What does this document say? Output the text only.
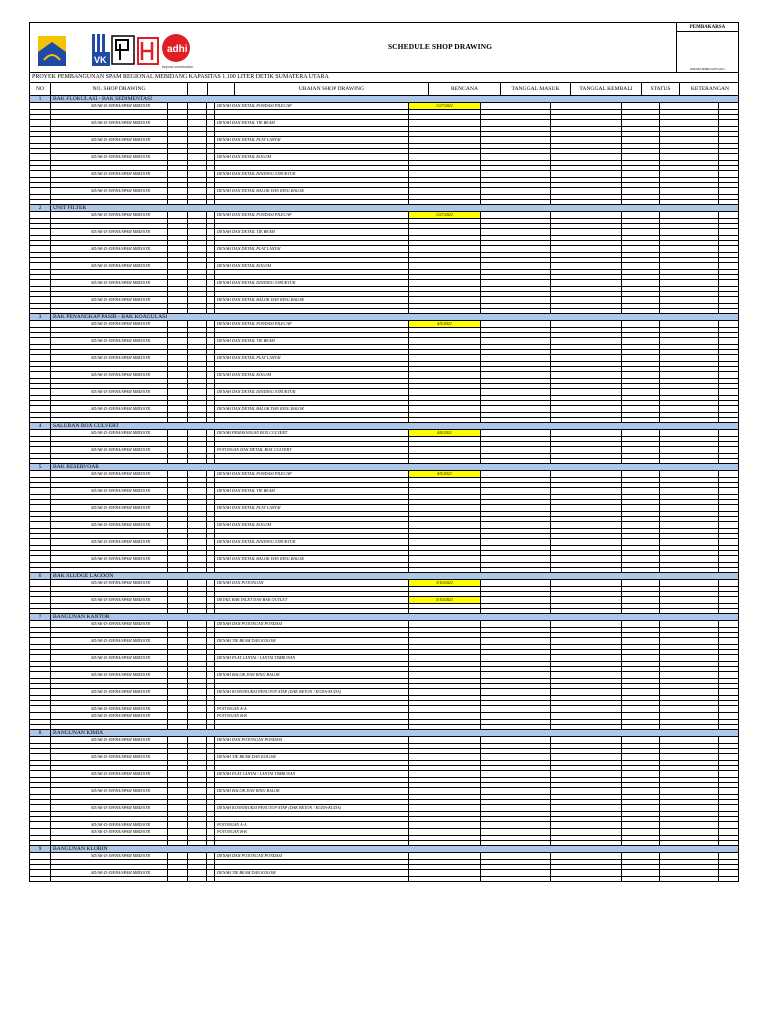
VK
adhi
beyond construction
SCHEDULE SHOP DRAWING
PEMBAKARSA
KNDMO MMKI 20/FV/2021
PROYEK PEMBANGUNAN SPAM REGIONAL MEBIDANG KAPASITAS 1.100 LITER DETIK SUMATERA UTARA
NO	NO. SHOP DRAWING	URAIAN SHOP DRAWING	RENCANA	TANGGAL MASUK	TANGGAL KEMBALI	STATUS	KETERANGAN
1	BAK FLOKULASI - BAK SEDIMENTASI
SD/AK-D-INFRA/SPAM MBD/STR	DENAH DAN DETAIL PONDASI PILECAP	1/27/2021
SD/AK-D-INFRA/SPAM MBD/STR	DENAH DAN DETAIL TIE BEAM
SD/AK-D-INFRA/SPAM MBD/STR	DENAH DAN DETAIL PLAT LANTAI
SD/AK-D-INFRA/SPAM MBD/STR	DENAH DAN DETAIL KOLOM
SD/AK-D-INFRA/SPAM MBD/STR	DENAH DAN DETAIL DINDING STRUKTUR
SD/AK-D-INFRA/SPAM MBD/STR	DENAH DAN DETAIL BALOK DAN RING BALOK
2	UNIT FILTER
SD/AK-D-INFRA/SPAM MBD/STR	DENAH DAN DETAIL PONDASI PILECAP	1/27/2021
SD/AK-D-INFRA/SPAM MBD/STR	DENAH DAN DETAIL TIE BEAM
SD/AK-D-INFRA/SPAM MBD/STR	DENAH DAN DETAIL PLAT LANTAI
SD/AK-D-INFRA/SPAM MBD/STR	DENAH DAN DETAIL KOLOM
SD/AK-D-INFRA/SPAM MBD/STR	DENAH DAN DETAIL DINDING STRUKTUR
SD/AK-D-INFRA/SPAM MBD/STR	DENAH DAN DETAIL BALOK DAN RING BALOK
3	BAK PENANGKAP PASIR - BAK KOAGULASI
SD/AK-D-INFRA/SPAM MBD/STR	DENAH DAN DETAIL PONDASI PILECAP	4/5/2021
SD/AK-D-INFRA/SPAM MBD/STR	DENAH DAN DETAIL TIE BEAM
SD/AK-D-INFRA/SPAM MBD/STR	DENAH DAN DETAIL PLAT LANTAI
SD/AK-D-INFRA/SPAM MBD/STR	DENAH DAN DETAIL KOLOM
SD/AK-D-INFRA/SPAM MBD/STR	DENAH DAN DETAIL DINDING STRUKTUR
SD/AK-D-INFRA/SPAM MBD/STR	DENAH DAN DETAIL BALOK DAN RING BALOK
4	SALURAN BOX CULVERT
SD/AK-D-INFRA/SPAM MBD/STR	DENAH PEMASANGAN BOX CULVERT	4/8/2021
SD/AK-D-INFRA/SPAM MBD/STR	POTONGAN DAN DETAIL BOX CULVERT
5	BAK RESERVOAR
SD/AK-D-INFRA/SPAM MBD/STR	DENAH DAN DETAIL PONDASI PILECAP	4/5/2021
SD/AK-D-INFRA/SPAM MBD/STR	DENAH DAN DETAIL TIE BEAM
SD/AK-D-INFRA/SPAM MBD/STR	DENAH DAN DETAIL PLAT LANTAI
SD/AK-D-INFRA/SPAM MBD/STR	DENAH DAN DETAIL KOLOM
SD/AK-D-INFRA/SPAM MBD/STR	DENAH DAN DETAIL DINDING STRUKTUR
SD/AK-D-INFRA/SPAM MBD/STR	DENAH DAN DETAIL BALOK DAN RING BALOK
6	BAK SLUDGE LAGOON
SD/AK-D-INFRA/SPAM MBD/STR	DENAH DAN POTONGAN	3/10/2021
SD/AK-D-INFRA/SPAM MBD/STR	DETAIL BAK INLET DAN BAK OUTLET	3/10/2021
7	BANGUNAN KANTOR
SD/AK-D-INFRA/SPAM MBD/STR	DENAH DAN POTONGAN PONDASI
SD/AK-D-INFRA/SPAM MBD/STR	DENAH TIE BEAM DAN KOLOM
SD/AK-D-INFRA/SPAM MBD/STR	DENAH PLAT LANTAI / LANTAI TIMBUNAN
SD/AK-D-INFRA/SPAM MBD/STR	DENAH BALOK DAN RING BALOK
SD/AK-D-INFRA/SPAM MBD/STR	DENAH KONSTRUKSI PENUTUP ATAP (DAK BETON / KUDA-KUDA)
SD/AK-D-INFRA/SPAM MBD/STR	POTONGAN A-A
SD/AK-D-INFRA/SPAM MBD/STR	POTONGAN B-B
8	BANGUNAN KIMIA
SD/AK-D-INFRA/SPAM MBD/STR	DENAH DAN POTONGAN PONDASI
SD/AK-D-INFRA/SPAM MBD/STR	DENAH TIE BEAM DAN KOLOM
SD/AK-D-INFRA/SPAM MBD/STR	DENAH PLAT LANTAI / LANTAI TIMBUNAN
SD/AK-D-INFRA/SPAM MBD/STR	DENAH BALOK DAN RING BALOK
SD/AK-D-INFRA/SPAM MBD/STR	DENAH KONSTRUKSI PENUTUP ATAP (DAK BETON / KUDA-KUDA)
SD/AK-D-INFRA/SPAM MBD/STR	POTONGAN A-A
SD/AK-D-INFRA/SPAM MBD/STR	POTONGAN B-B
9	BANGUNAN KLORIN
SD/AK-D-INFRA/SPAM MBD/STR	DENAH DAN POTONGAN PONDASI
SD/AK-D-INFRA/SPAM MBD/STR	DENAH TIE BEAM DAN KOLOM
